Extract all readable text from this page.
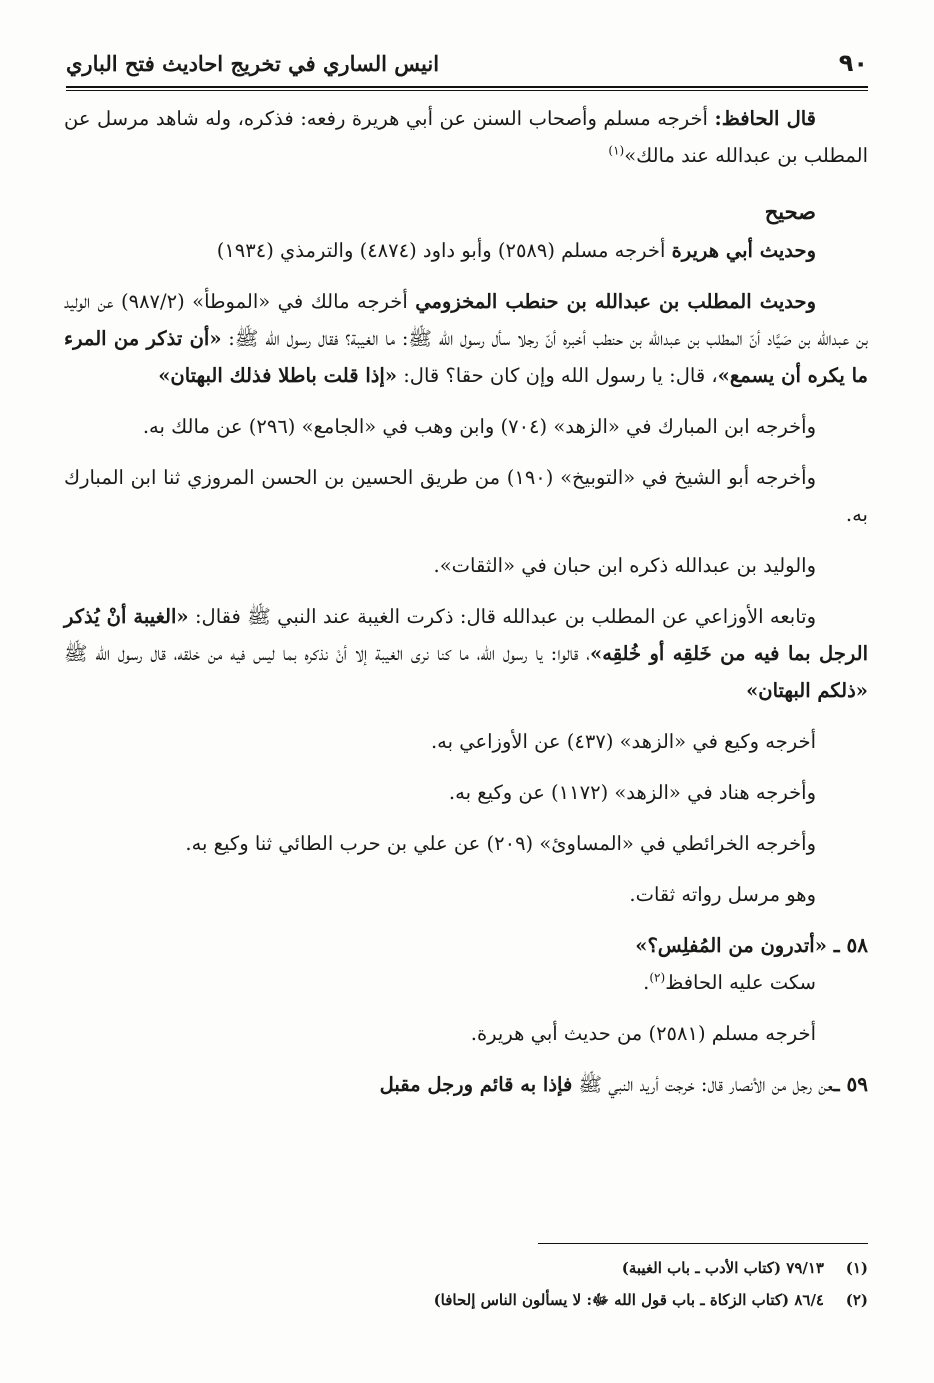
٩٠
انيس الساري في تخريج احاديث فتح الباري

قال الحافظ: أخرجه مسلم وأصحاب السنن عن أبي هريرة رفعه: فذكره، وله شاهد مرسل عن المطلب بن عبدالله عند مالك»$^{(١)}$

صحيح

وحديث أبي هريرة أخرجه مسلم (٢٥٨٩) وأبو داود (٤٨٧٤) والترمذي (١٩٣٤)

وحديث المطلب بن عبدالله بن حنطب المخزومي أخرجه مالك في «الموطأ» (٩٨٧/٢) عن الوليد بن عبدالله بن صَيَّاد أنّ المطلب بن عبدالله بن حنطب أخبره أنّ رجلا سأل رسول الله ﷺ: ما الغيبة؟ فقال رسول الله ﷺ: «أن تذكر من المرء ما يكره أن يسمع»، قال: يا رسول الله وإن كان حقا؟ قال: «إذا قلت باطلا فذلك البهتان»

وأخرجه ابن المبارك في «الزهد» (٧٠٤) وابن وهب في «الجامع» (٢٩٦) عن مالك به.

وأخرجه أبو الشيخ في «التوبيخ» (١٩٠) من طريق الحسين بن الحسن المروزي ثنا ابن المبارك به.

والوليد بن عبدالله ذكره ابن حبان في «الثقات».

وتابعه الأوزاعي عن المطلب بن عبدالله قال: ذكرت الغيبة عند النبي ﷺ فقال: «الغيبة أنْ يُذكر الرجل بما فيه من خَلقِه أو خُلقِه»، قالوا: يا رسول الله، ما كنا نرى الغيبة إلا أنْ نذكره بما ليس فيه من خلقه، قال رسول الله ﷺ «ذلكم البهتان»

أخرجه وكيع في «الزهد» (٤٣٧) عن الأوزاعي به.

وأخرجه هناد في «الزهد» (١١٧٢) عن وكيع به.

وأخرجه الخرائطي في «المساوئ» (٢٠٩) عن علي بن حرب الطائي ثنا وكيع به.

وهو مرسل رواته ثقات.

٥٨ ـ «أتدرون من المُفلِس؟»

سكت عليه الحافظ$^{(٢)}$.

أخرجه مسلم (٢٥٨١) من حديث أبي هريرة.

٥٩ ـعن رجل من الأنصار قال: خرجت أريد النبي ﷺ فإذا به قائم ورجل مقبل

(١)
٧٩/١٣ (كتاب الأدب ـ باب الغيبة)
(٢)
٨٦/٤ (كتاب الزكاة ـ باب قول الله ﷻ: لا يسألون الناس إلحافا)
